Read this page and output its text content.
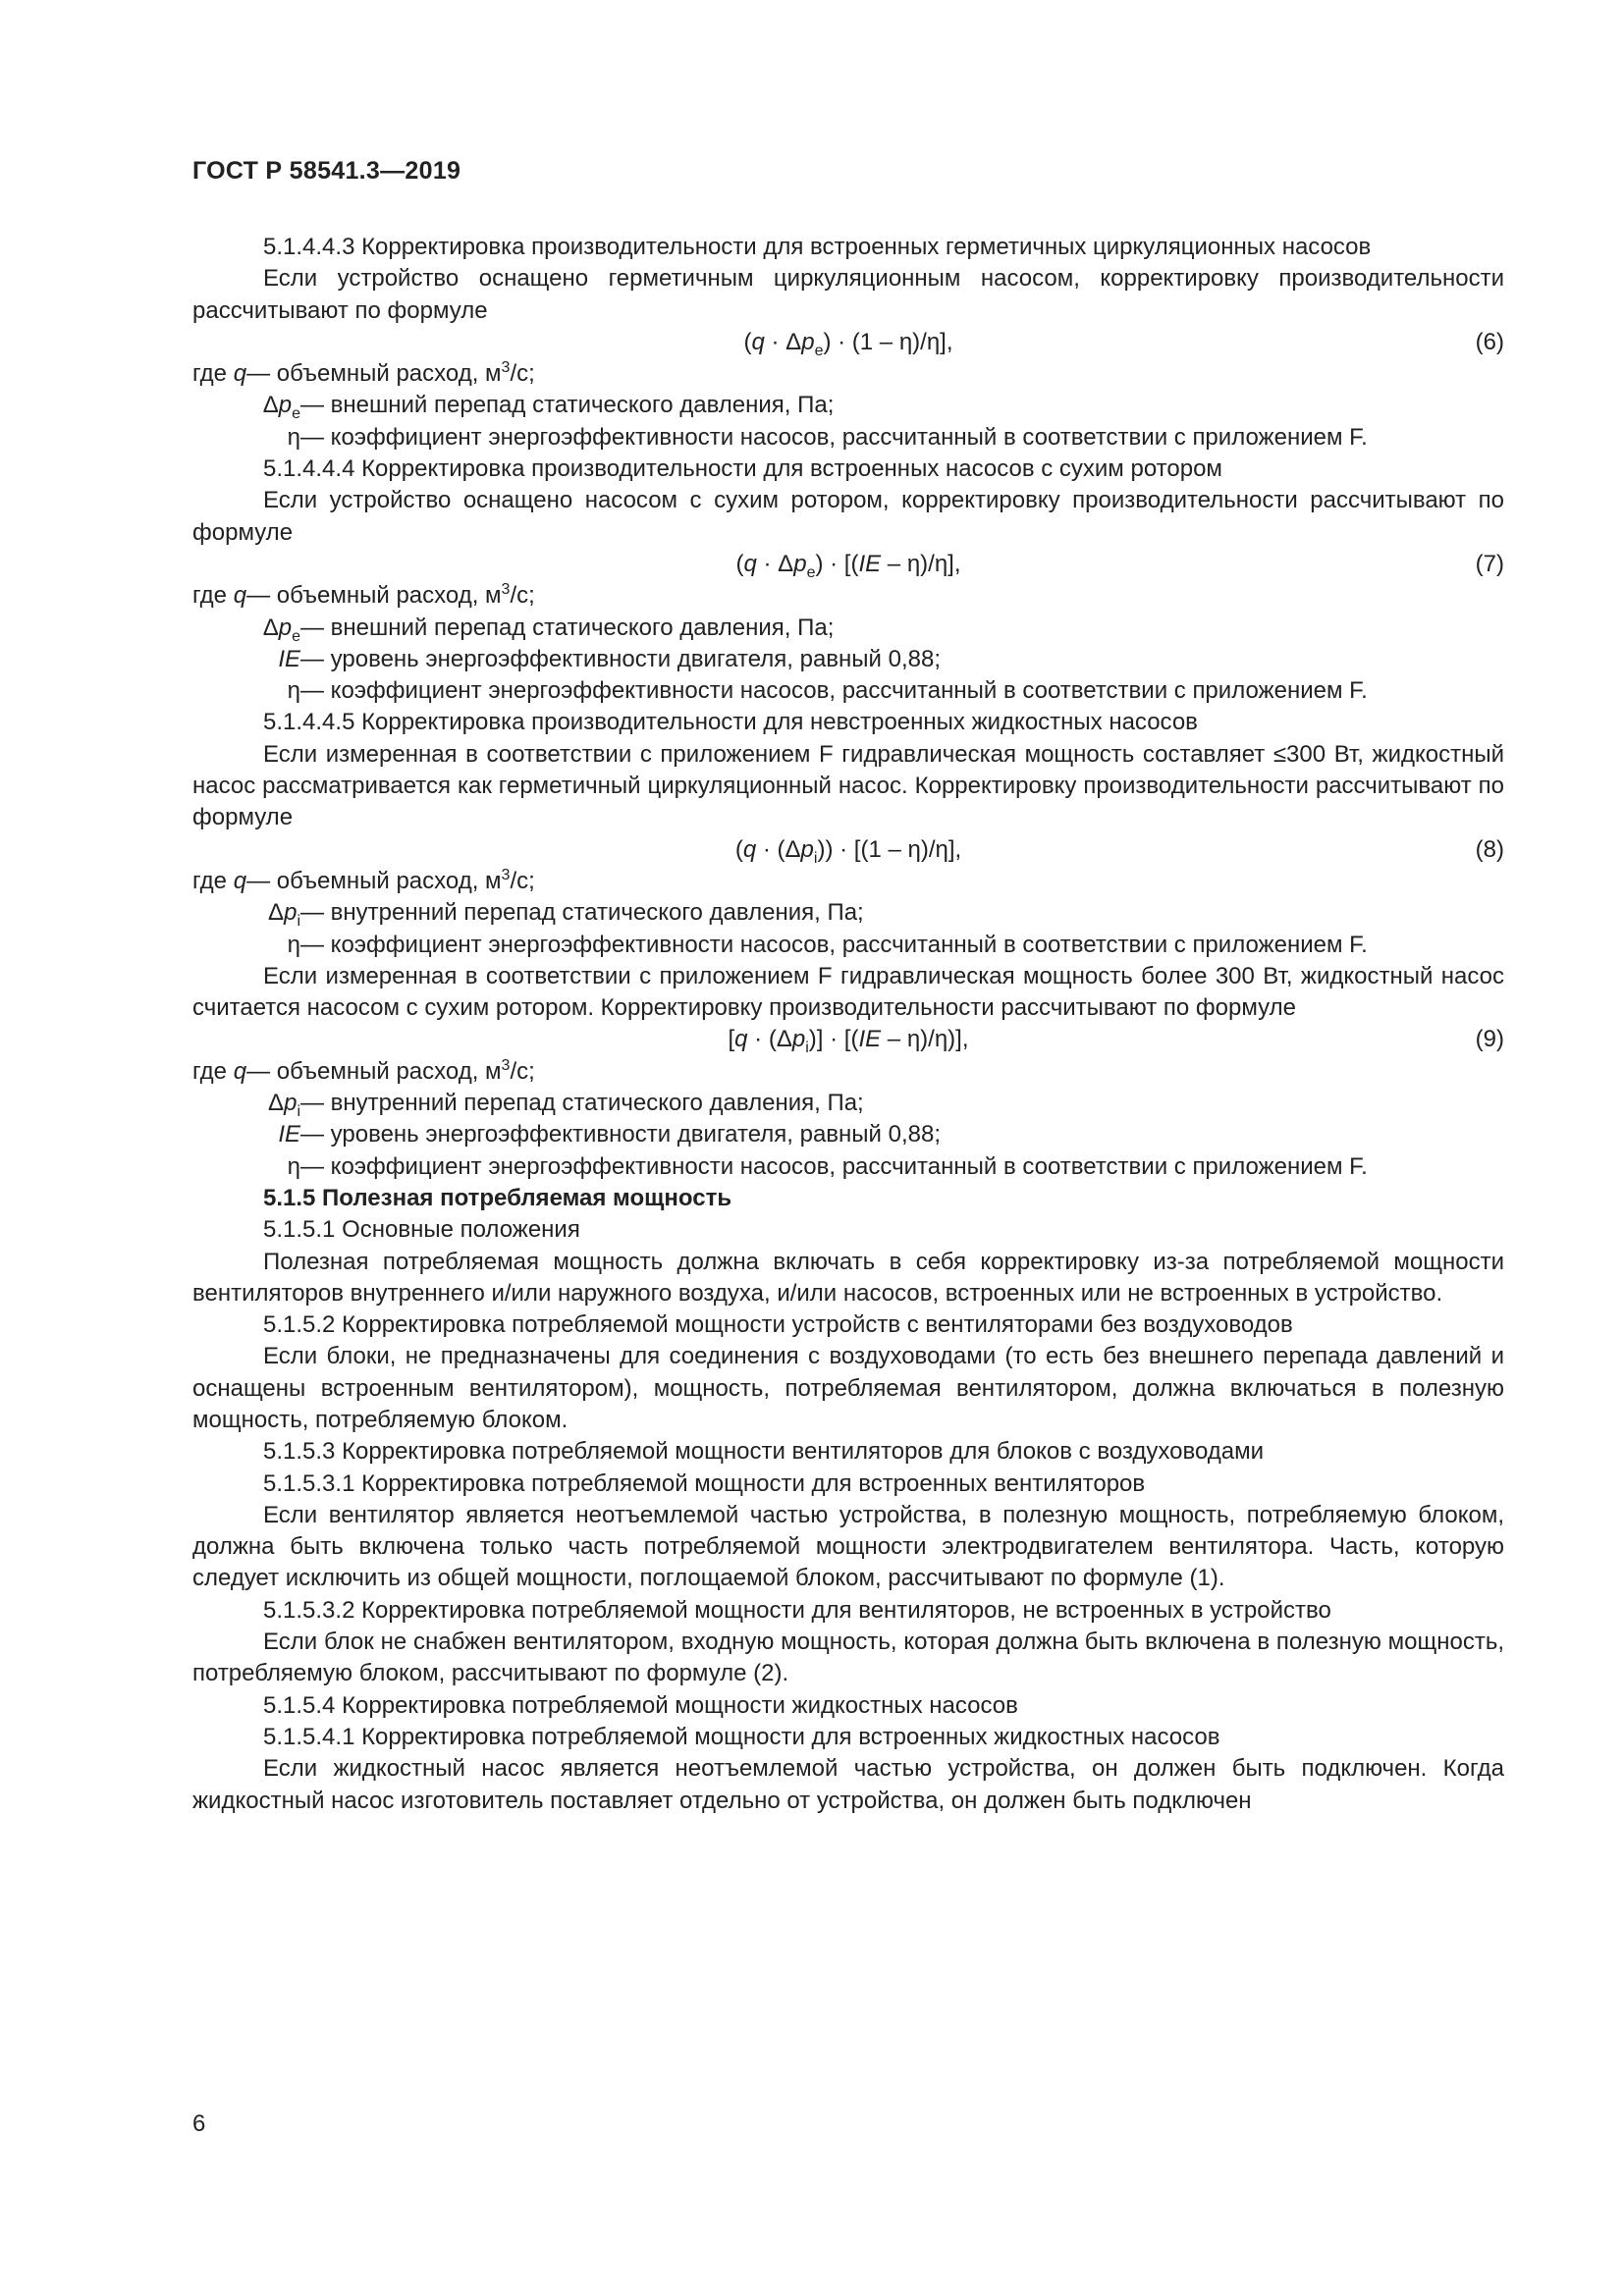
ГОСТ Р 58541.3—2019

5.1.4.4.3 Корректировка производительности для встроенных герметичных циркуляционных насосов

Если устройство оснащено герметичным циркуляционным насосом, корректировку производительности рассчитывают по формуле

$(q \cdot \Delta p_e) \cdot (1 - \eta)/\eta$],	(6)
где q — объемный расход, $м^3/с$;
$\Delta p_e$ — внешний перепад статического давления, Па;
η — коэффициент энергоэффективности насосов, рассчитанный в соответствии с приложением F.

5.1.4.4.4 Корректировка производительности для встроенных насосов с сухим ротором

Если устройство оснащено насосом с сухим ротором, корректировку производительности рассчитывают по формуле

$(q \cdot \Delta p_e) \cdot [(IE - \eta)/\eta]$,	(7)
где q — объемный расход, $м^3/с$;
$\Delta p_e$ — внешний перепад статического давления, Па;
IE — уровень энергоэффективности двигателя, равный 0,88;
η — коэффициент энергоэффективности насосов, рассчитанный в соответствии с приложением F.

5.1.4.4.5 Корректировка производительности для невстроенных жидкостных насосов

Если измеренная в соответствии с приложением F гидравлическая мощность составляет ≤300 Вт, жидкостный насос рассматривается как герметичный циркуляционный насос. Корректировку производительности рассчитывают по формуле

$(q \cdot (\Delta p_i)) \cdot [(1 - \eta)/\eta]$,	(8)
где q — объемный расход, $м^3/с$;
$\Delta p_i$ — внутренний перепад статического давления, Па;
η — коэффициент энергоэффективности насосов, рассчитанный в соответствии с приложением F.

Если измеренная в соответствии с приложением F гидравлическая мощность более 300 Вт, жидкостный насос считается насосом с сухим ротором. Корректировку производительности рассчитывают по формуле

$[q \cdot (\Delta p_i)] \cdot [(IE - \eta)/\eta)$],	(9)
где q — объемный расход, $м^3/с$;
$\Delta p_i$ — внутренний перепад статического давления, Па;
IE — уровень энергоэффективности двигателя, равный 0,88;
η — коэффициент энергоэффективности насосов, рассчитанный в соответствии с приложением F.

5.1.5 Полезная потребляемая мощность

5.1.5.1 Основные положения

Полезная потребляемая мощность должна включать в себя корректировку из-за потребляемой мощности вентиляторов внутреннего и/или наружного воздуха, и/или насосов, встроенных или не встроенных в устройство.

5.1.5.2 Корректировка потребляемой мощности устройств с вентиляторами без воздуховодов

Если блоки, не предназначены для соединения с воздуховодами (то есть без внешнего перепада давлений и оснащены встроенным вентилятором), мощность, потребляемая вентилятором, должна включаться в полезную мощность, потребляемую блоком.

5.1.5.3 Корректировка потребляемой мощности вентиляторов для блоков с воздуховодами

5.1.5.3.1 Корректировка потребляемой мощности для встроенных вентиляторов

Если вентилятор является неотъемлемой частью устройства, в полезную мощность, потребляемую блоком, должна быть включена только часть потребляемой мощности электродвигателем вентилятора. Часть, которую следует исключить из общей мощности, поглощаемой блоком, рассчитывают по формуле (1).

5.1.5.3.2 Корректировка потребляемой мощности для вентиляторов, не встроенных в устройство

Если блок не снабжен вентилятором, входную мощность, которая должна быть включена в полезную мощность, потребляемую блоком, рассчитывают по формуле (2).

5.1.5.4 Корректировка потребляемой мощности жидкостных насосов

5.1.5.4.1 Корректировка потребляемой мощности для встроенных жидкостных насосов

Если жидкостный насос является неотъемлемой частью устройства, он должен быть подключен. Когда жидкостный насос изготовитель поставляет отдельно от устройства, он должен быть подключен

6
